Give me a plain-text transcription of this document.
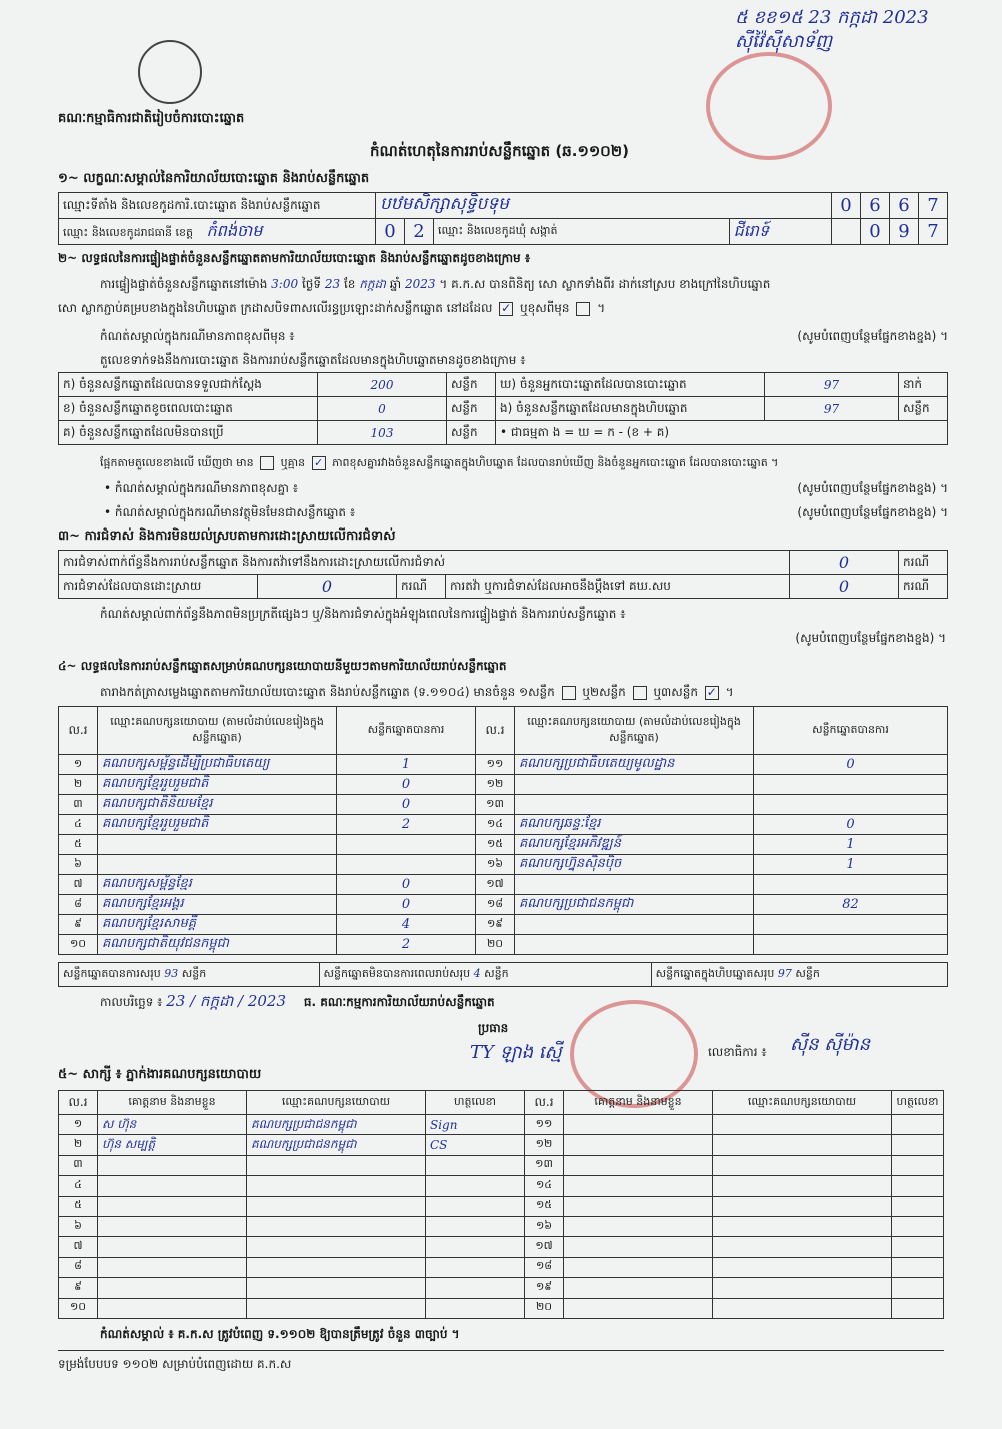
គណៈកម្មាធិការជាតិរៀបចំការបោះឆ្នោត
៥ ខខ១៥ 23 កក្កដា 2023 ស៊ីវ៉ៃស៊ីសាទ័ញ
កំណត់ហេតុនៃការរាប់សន្លឹកឆ្នោត (ឆ.១១០២)
១~ លក្ខណៈសម្គាល់នៃការិយាល័យបោះឆ្នោត និងរាប់សន្លឹកឆ្នោត
ឈ្មោះទីតាំង និងលេខកូដការិ.បោះឆ្នោត និងរាប់សន្លឹកឆ្នោត	បឋមសិក្សាសុទ្ធិបទុម				0	6	6	7
ឈ្មោះ និងលេខកូដរាជធានី ខេត្ត កំពង់ចាម	0	2	ឈ្មោះ និងលេខកូដឃុំ សង្កាត់	ជីរោទ៍		0	9	7
២~ លទ្ធផលនៃការផ្ទៀងផ្ទាត់ចំនួនសន្លឹកឆ្នោតតាមការិយាល័យបោះឆ្នោត និងរាប់សន្លឹកឆ្នោតដូចខាងក្រោម ៖
ការផ្ទៀងផ្ទាត់ចំនួនសន្លឹកឆ្នោតនៅម៉ោង 3:00 ថ្ងៃទី 23 ខែ កក្កដា ឆ្នាំ 2023 ។ គ.ក.ស បានពិនិត្យ សោ ស្លាកទាំងពីរ ដាក់នៅស្រប ខាងក្រៅនៃហិបឆ្នោត
សោ ស្លាកភ្ជាប់គម្របខាងក្នុងនៃហិបឆ្នោត ក្រដាសបិទពាសលើរន្ធប្រឡោះដាក់សន្លឹកឆ្នោត នៅដដែល ✓ ឬខុសពីមុន  ។
កំណត់សម្គាល់ក្នុងករណីមានភាពខុសពីមុន ៖	(សូមបំពេញបន្ថែមផ្នែកខាងខ្នង) ។
តួលេខទាក់ទងនឹងការបោះឆ្នោត និងការរាប់សន្លឹកឆ្នោតដែលមានក្នុងហិបឆ្នោតមានដូចខាងក្រោម ៖
ក) ចំនួនសន្លឹកឆ្នោតដែលបានទទួលជាក់ស្តែង	200	សន្លឹក	ឃ) ចំនួនអ្នកបោះឆ្នោតដែលបានបោះឆ្នោត	97	នាក់
ខ) ចំនួនសន្លឹកឆ្នោតខូចពេលបោះឆ្នោត	0	សន្លឹក	ង) ចំនួនសន្លឹកឆ្នោតដែលមានក្នុងហិបឆ្នោត	97	សន្លឹក
គ) ចំនួនសន្លឹកឆ្នោតដែលមិនបានប្រើ	103	សន្លឹក	• ជាធម្មតា ង = ឃ = ក - (ខ + គ)		
ផ្អែកតាមតួលេខខាងលើ ឃើញថា មាន ឬគ្មាន ✓ ភាពខុសគ្នារវាងចំនួនសន្លឹកឆ្នោតក្នុងហិបឆ្នោត ដែលបានរាប់ឃើញ និងចំនួនអ្នកបោះឆ្នោត ដែលបានបោះឆ្នោត ។
• កំណត់សម្គាល់ក្នុងករណីមានភាពខុសគ្នា ៖	(សូមបំពេញបន្ថែមផ្នែកខាងខ្នង) ។
• កំណត់សម្គាល់ក្នុងករណីមានវត្ថុមិនមែនជាសន្លឹកឆ្នោត ៖	(សូមបំពេញបន្ថែមផ្នែកខាងខ្នង) ។
៣~ ការជំទាស់ និងការមិនយល់ស្របតាមការដោះស្រាយលើការជំទាស់
ការជំទាស់ពាក់ព័ន្ធនឹងការរាប់សន្លឹកឆ្នោត និងការតវ៉ាទៅនឹងការដោះស្រាយលើការជំទាស់				0	ករណី
ការជំទាស់ដែលបានដោះស្រាយ	0	ករណី	ការតវ៉ា ឬការជំទាស់ដែលអាចនឹងប្តឹងទៅ គឃ.សប	0	ករណី
កំណត់សម្គាល់ពាក់ព័ន្ធនឹងភាពមិនប្រក្រតីផ្សេងៗ ឬ/និងការជំទាស់ក្នុងអំឡុងពេលនៃការផ្ទៀងផ្ទាត់ និងការរាប់សន្លឹកឆ្នោត ៖
(សូមបំពេញបន្ថែមផ្នែកខាងខ្នង) ។
៤~ លទ្ធផលនៃការរាប់សន្លឹកឆ្នោតសម្រាប់គណបក្សនយោបាយនីមួយៗតាមការិយាល័យរាប់សន្លឹកឆ្នោត
តារាងកត់ត្រាសម្លេងឆ្នោតតាមការិយាល័យបោះឆ្នោត និងរាប់សន្លឹកឆ្នោត (ទ.១១០៤) មានចំនួន ១សន្លឹក ឬ២សន្លឹក ឬ៣សន្លឹក ✓ ។
ល.រ	ឈ្មោះគណបក្សនយោបាយ (តាមលំដាប់លេខរៀងក្នុងសន្លឹកឆ្នោត)	សន្លឹកឆ្នោតបានការ	ល.រ	ឈ្មោះគណបក្សនយោបាយ (តាមលំដាប់លេខរៀងក្នុងសន្លឹកឆ្នោត)	សន្លឹកឆ្នោតបានការ
១	គណបក្សសម្ព័ន្ធដើម្បីប្រជាធិបតេយ្យ	1	១១	គណបក្សប្រជាធិបតេយ្យមូលដ្ឋាន	0
២	គណបក្សខ្មែររួបរួមជាតិ	0	១២		
៣	គណបក្សជាតិនិយមខ្មែរ	0	១៣		
៤	គណបក្សខ្មែររួបរួមជាតិ	2	១៤	គណបក្សឆន្ទៈខ្មែរ	0
៥			១៥	គណបក្សខ្មែរអភិវឌ្ឍន៍	1
៦			១៦	គណបក្សហ្វ៊ុនស៊ិនប៉ិច	1
៧	គណបក្សសម្ព័ន្ធខ្មែរ	0	១៧		
៨	គណបក្សខ្មែរអង្គរ	0	១៨	គណបក្សប្រជាជនកម្ពុជា	82
៩	គណបក្សខ្មែរសាមគ្គី	4	១៩		
១០	គណបក្សជាតិយុវជនកម្ពុជា	2	២០		
សន្លឹកឆ្នោតបានការសរុប 93 សន្លឹក	សន្លឹកឆ្នោតមិនបានការពេលរាប់សរុប 4 សន្លឹក	សន្លឹកឆ្នោតក្នុងហិបឆ្នោតសរុប 97 សន្លឹក
កាលបរិច្ឆេទ ៖ 23 / កក្កដា / 2023 ធ. គណៈកម្មការការិយាល័យរាប់សន្លឹកឆ្នោត
ប្រធាន
TY ឡាង ស្មើ	លេខាធិការ ៖ ស៊ីន ស៊ីម៉ាន
៥~ សាក្សី ៖ ភ្នាក់ងារគណបក្សនយោបាយ
ល.រ	គោត្តនាម និងនាមខ្លួន	ឈ្មោះគណបក្សនយោបាយ	ហត្ថលេខា	ល.រ	គោត្តនាម និងនាមខ្លួន	ឈ្មោះគណបក្សនយោបាយ	ហត្ថលេខា
១	ស ហ៊ុន	គណបក្សប្រជាជនកម្ពុជា	Sign	១១			
២	ហ៊ុន សម្បត្តិ	គណបក្សប្រជាជនកម្ពុជា	CS	១២			
៣				១៣			
៤				១៤			
៥				១៥			
៦				១៦			
៧				១៧			
៨				១៨			
៩				១៩			
១០				២០			
កំណត់សម្គាល់ ៖ គ.ក.ស ត្រូវបំពេញ ទ.១១០២ ឱ្យបានត្រឹមត្រូវ ចំនួន ៣ច្បាប់ ។
ទម្រង់បែបបទ ១១០២ សម្រាប់បំពេញដោយ គ.ក.ស
